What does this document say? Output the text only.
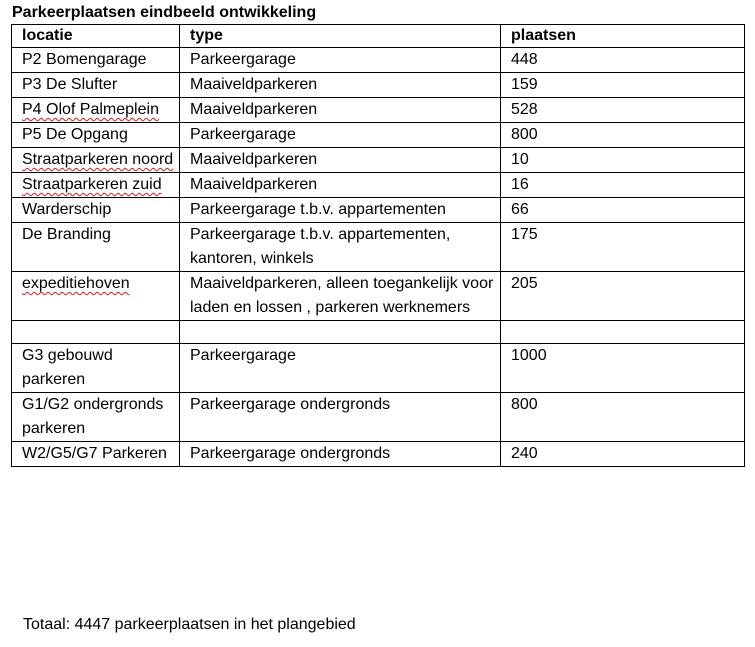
Parkeerplaatsen eindbeeld ontwikkeling
locatie	type	plaatsen
P2 Bomengarage	Parkeergarage	448
P3 De Slufter	Maaiveldparkeren	159
P4 Olof Palmeplein	Maaiveldparkeren	528
P5 De Opgang	Parkeergarage	800
Straatparkeren noord	Maaiveldparkeren	10
Straatparkeren zuid	Maaiveldparkeren	16
Warderschip	Parkeergarage t.b.v. appartementen	66
De Branding	Parkeergarage t.b.v. appartementen, kantoren, winkels	175
expeditiehoven	Maaiveldparkeren, alleen toegankelijk voor laden en lossen , parkeren werknemers	205

G3 gebouwd parkeren	Parkeergarage	1000
G1/G2 ondergronds parkeren	Parkeergarage ondergronds	800
W2/G5/G7 Parkeren	Parkeergarage ondergronds	240
Totaal: 4447 parkeerplaatsen in het plangebied
